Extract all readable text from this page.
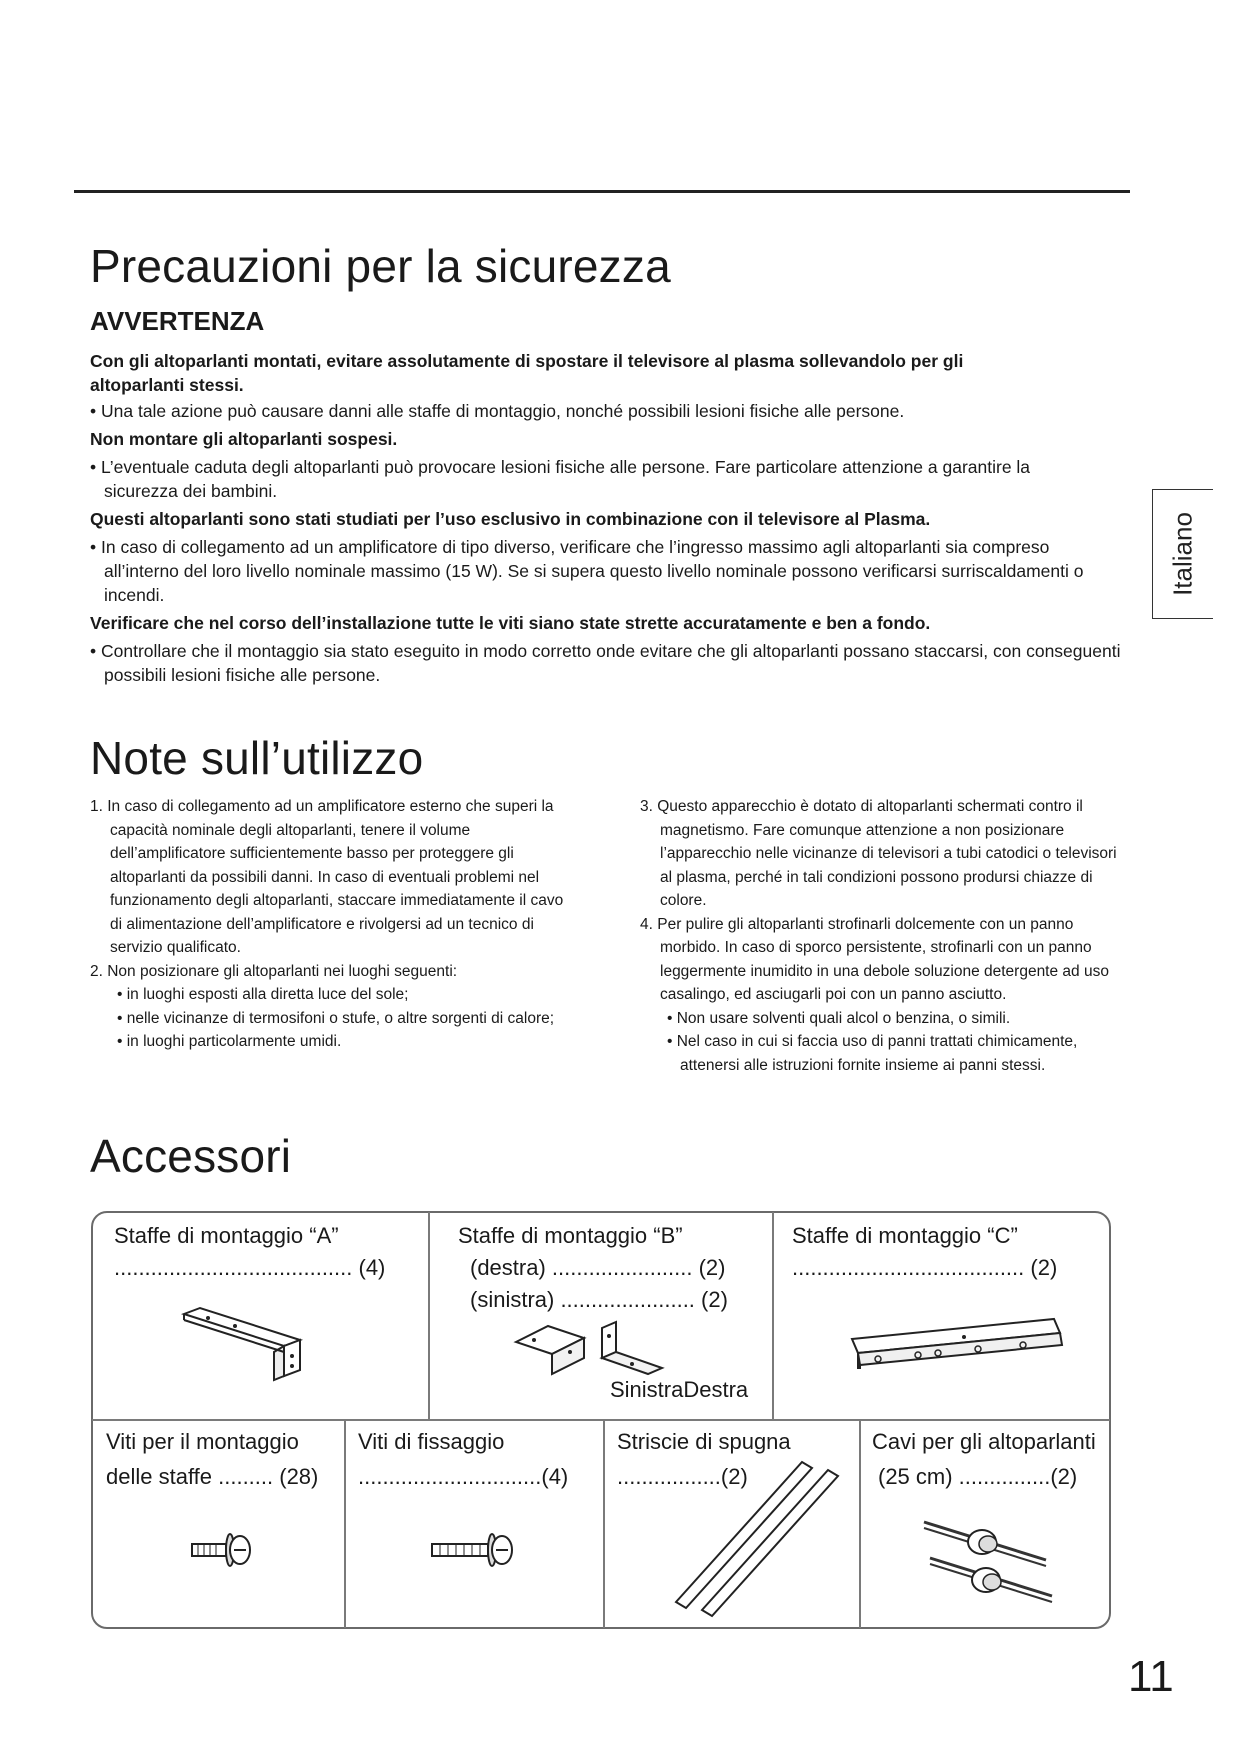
Precauzioni per la sicurezza
AVVERTENZA
Con gli altoparlanti montati, evitare assolutamente di spostare il televisore al plasma sollevandolo per gli altoparlanti stessi.
• Una tale azione può causare danni alle staffe di montaggio, nonché possibili lesioni fisiche alle persone.
Non montare gli altoparlanti sospesi.
• L’eventuale caduta degli altoparlanti può provocare lesioni fisiche alle persone. Fare particolare attenzione a garantire la sicurezza dei bambini.
Questi altoparlanti sono stati studiati per l’uso esclusivo in combinazione con il televisore al Plasma.
• In caso di collegamento ad un amplificatore di tipo diverso, verificare che l’ingresso massimo agli altoparlanti sia compreso all’interno del loro livello nominale massimo (15 W). Se si supera questo livello nominale possono verificarsi surriscaldamenti o incendi.
Verificare che nel corso dell’installazione tutte le viti siano state strette accuratamente e ben a fondo.
• Controllare che il montaggio sia stato eseguito in modo corretto onde evitare che gli altoparlanti possano staccarsi, con conseguenti possibili lesioni fisiche alle persone.
Italiano
Note sull’utilizzo

1. In caso di collegamento ad un amplificatore esterno che superi la capacità nominale degli altoparlanti, tenere il volume dell’amplificatore sufficientemente basso per proteggere gli altoparlanti da possibili danni. In caso di eventuali problemi nel funzionamento degli altoparlanti, staccare immediatamente il cavo di alimentazione dell’amplificatore e rivolgersi ad un tecnico di servizio qualificato.

2. Non posizionare gli altoparlanti nei luoghi seguenti:

• in luoghi esposti alla diretta luce del sole;

• nelle vicinanze di termosifoni o stufe, o altre sorgenti di calore;

• in luoghi particolarmente umidi.

3. Questo apparecchio è dotato di altoparlanti schermati contro il magnetismo. Fare comunque attenzione a non posizionare l’apparecchio nelle vicinanze di televisori a tubi catodici o televisori al plasma, perché in tali condizioni possono prodursi chiazze di colore.

4. Per pulire gli altoparlanti strofinarli dolcemente con un panno morbido. In caso di sporco persistente, strofinarli con un panno leggermente inumidito in una debole soluzione detergente ad uso casalingo, ed asciugarli poi con un panno asciutto.

• Non usare solventi quali alcol o benzina, o simili.

• Nel caso in cui si faccia uso di panni trattati chimicamente, attenersi alle istruzioni fornite insieme ai panni stessi.

Accessori
Staffe di montaggio “A”
....................................... (4)
Staffe di montaggio “B”
(destra) ....................... (2)
(sinistra) ...................... (2)
SinistraDestra
Staffe di montaggio “C”
...................................... (2)
Viti per il montaggio
delle staffe ......... (28)
Viti di fissaggio
..............................(4)
Striscie di spugna
.................(2)
Cavi per gli altoparlanti
(25 cm) ...............(2)
11
